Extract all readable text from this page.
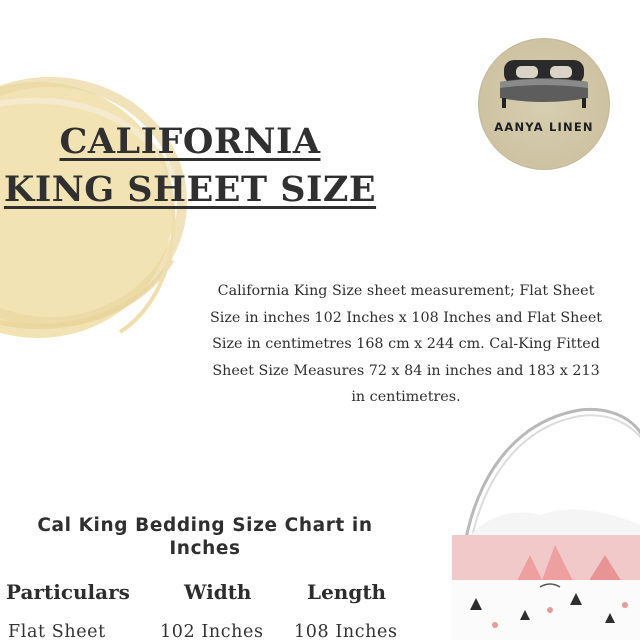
CALIFORNIA
KING SHEET SIZE
AANYA LINEN
California King Size sheet measurement; Flat Sheet Size in inches 102 Inches x 108 Inches and Flat Sheet Size in centimetres 168 cm x 244 cm. Cal-King Fitted Sheet Size Measures 72 x 84 in inches and 183 x 213 in centimetres.
Cal King Bedding Size Chart in Inches
Particulars	Width	Length
Flat Sheet	102 Inches 108 Inches
